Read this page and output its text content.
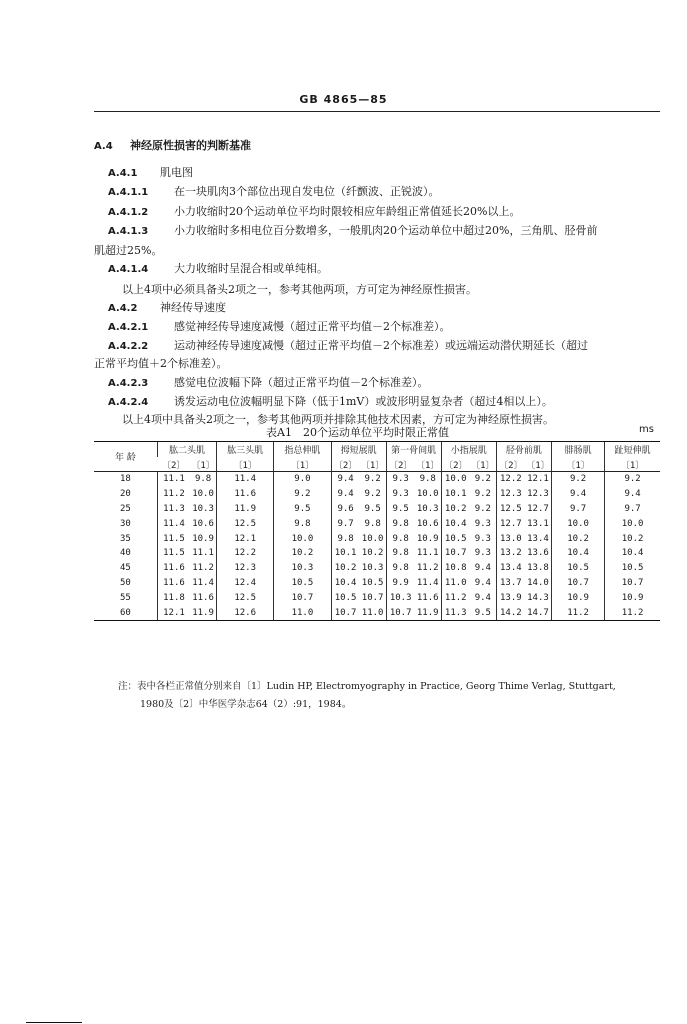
GB 4865—85
A.4 神经原性损害的判断基准
A.4.1 肌电图
A.4.1.1 在一块肌肉3个部位出现自发电位（纤颤波、正锐波）。
A.4.1.2 小力收缩时20个运动单位平均时限较相应年龄组正常值延长20%以上。
A.4.1.3 小力收缩时多相电位百分数增多，一般肌肉20个运动单位中超过20%，三角肌、胫骨前
肌超过25%。
A.4.1.4 大力收缩时呈混合相或单纯相。
以上4项中必须具备头2项之一，参考其他两项，方可定为神经原性损害。
A.4.2 神经传导速度
A.4.2.1 感觉神经传导速度减慢（超过正常平均值－2个标准差）。
A.4.2.2 运动神经传导速度减慢（超过正常平均值－2个标准差）或远端运动潜伏期延长（超过
正常平均值＋2个标准差）。
A.4.2.3 感觉电位波幅下降（超过正常平均值－2个标准差）。
A.4.2.4 诱发运动电位波幅明显下降（低于1mV）或波形明显复杂者（超过4相以上）。
以上4项中具备头2项之一，参考其他两项并排除其他技术因素，方可定为神经原性损害。
表A1　20个运动单位平均时限正常值	ms
年 龄	肱二头肌		肱三头肌	指总伸肌	拇短展肌		第一骨间肌		小指展肌		胫骨前肌		腓肠肌	趾短伸肌
	〔2〕	〔1〕	〔1〕	〔1〕	〔2〕	〔1〕	〔2〕	〔1〕	〔2〕	〔1〕	〔2〕	〔1〕	〔1〕	〔1〕
18	11.1	9.8	11.4	9.0	9.4	9.2	9.3	9.8	10.0	9.2	12.2	12.1	9.2	9.2
20	11.2	10.0	11.6	9.2	9.4	9.2	9.3	10.0	10.1	9.2	12.3	12.3	9.4	9.4
25	11.3	10.3	11.9	9.5	9.6	9.5	9.5	10.3	10.2	9.2	12.5	12.7	9.7	9.7
30	11.4	10.6	12.5	9.8	9.7	9.8	9.8	10.6	10.4	9.3	12.7	13.1	10.0	10.0
35	11.5	10.9	12.1	10.0	9.8	10.0	9.8	10.9	10.5	9.3	13.0	13.4	10.2	10.2
40	11.5	11.1	12.2	10.2	10.1	10.2	9.8	11.1	10.7	9.3	13.2	13.6	10.4	10.4
45	11.6	11.2	12.3	10.3	10.2	10.3	9.8	11.2	10.8	9.4	13.4	13.8	10.5	10.5
50	11.6	11.4	12.4	10.5	10.4	10.5	9.9	11.4	11.0	9.4	13.7	14.0	10.7	10.7
55	11.8	11.6	12.5	10.7	10.5	10.7	10.3	11.6	11.2	9.4	13.9	14.3	10.9	10.9
60	12.1	11.9	12.6	11.0	10.7	11.0	10.7	11.9	11.3	9.5	14.2	14.7	11.2	11.2
注：表中各栏正常值分别来自〔1〕Ludin HP, Electromyography in Practice, Georg Thime Verlag, Stuttgart,
1980及〔2〕中华医学杂志64（2）:91，1984。
